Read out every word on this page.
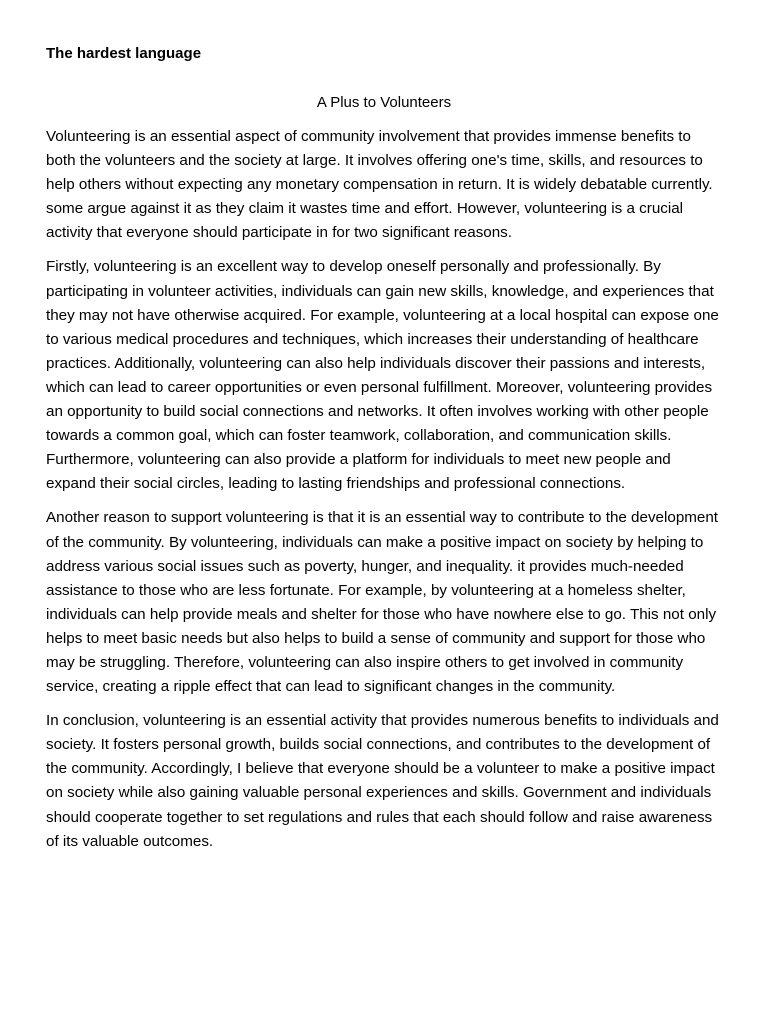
The hardest language
A Plus to Volunteers

Volunteering is an essential aspect of community involvement that provides immense benefits to both the volunteers and the society at large. It involves offering one's time, skills, and resources to help others without expecting any monetary compensation in return. It is widely debatable currently. some argue against it as they claim it wastes time and effort. However, volunteering is a crucial activity that everyone should participate in for two significant reasons.

Firstly, volunteering is an excellent way to develop oneself personally and professionally. By participating in volunteer activities, individuals can gain new skills, knowledge, and experiences that they may not have otherwise acquired. For example, volunteering at a local hospital can expose one to various medical procedures and techniques, which increases their understanding of healthcare practices. Additionally, volunteering can also help individuals discover their passions and interests, which can lead to career opportunities or even personal fulfillment. Moreover, volunteering provides an opportunity to build social connections and networks. It often involves working with other people towards a common goal, which can foster teamwork, collaboration, and communication skills. Furthermore, volunteering can also provide a platform for individuals to meet new people and expand their social circles, leading to lasting friendships and professional connections.

Another reason to support volunteering is that it is an essential way to contribute to the development of the community. By volunteering, individuals can make a positive impact on society by helping to address various social issues such as poverty, hunger, and inequality. it provides much-needed assistance to those who are less fortunate. For example, by volunteering at a homeless shelter, individuals can help provide meals and shelter for those who have nowhere else to go. This not only helps to meet basic needs but also helps to build a sense of community and support for those who may be struggling. Therefore, volunteering can also inspire others to get involved in community service, creating a ripple effect that can lead to significant changes in the community.

In conclusion, volunteering is an essential activity that provides numerous benefits to individuals and society. It fosters personal growth, builds social connections, and contributes to the development of the community. Accordingly, I believe that everyone should be a volunteer to make a positive impact on society while also gaining valuable personal experiences and skills. Government and individuals should cooperate together to set regulations and rules that each should follow and raise awareness of its valuable outcomes.
